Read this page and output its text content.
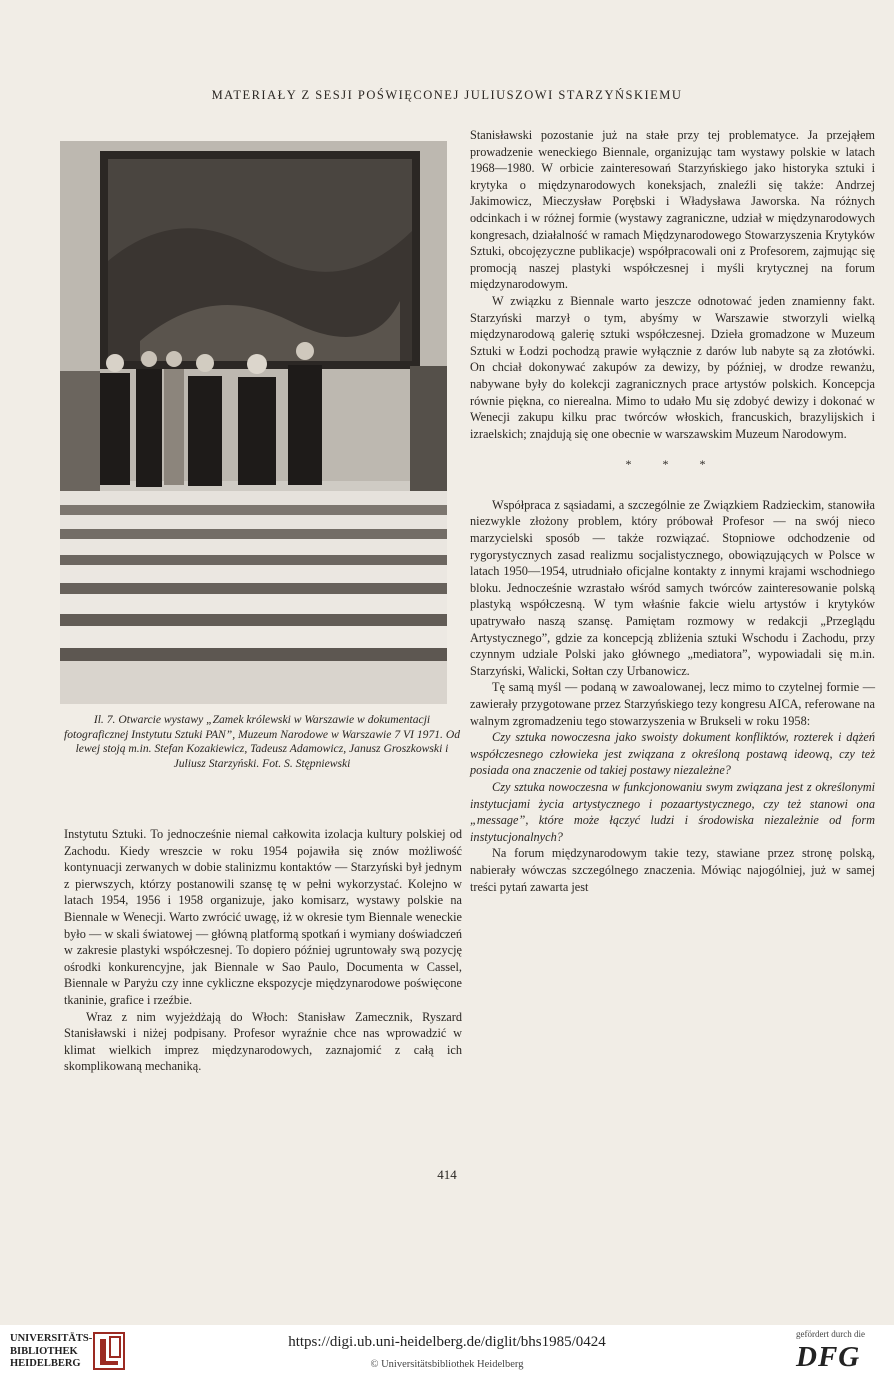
MATERIAŁY Z SESJI POŚWIĘCONEJ JULIUSZOWI STARZYŃSKIEMU
Il. 7. Otwarcie wystawy „Zamek królewski w Warszawie w dokumentacji fotograficznej Instytutu Sztuki PAN”, Muzeum Narodowe w Warszawie 7 VI 1971. Od lewej stoją m.in. Stefan Kozakiewicz, Tadeusz Adamowicz, Janusz Groszkowski i Juliusz Starzyński. Fot. S. Stępniewski

Stanisławski pozostanie już na stałe przy tej problematyce. Ja przejąłem prowadzenie weneckiego Biennale, organizując tam wystawy polskie w latach 1968—1980. W orbicie zainteresowań Starzyńskiego jako historyka sztuki i krytyka o międzynarodowych koneksjach, znaleźli się także: Andrzej Jakimowicz, Mieczysław Porębski i Władysława Jaworska. Na różnych odcinkach i w różnej formie (wystawy zagraniczne, udział w międzynarodowych kongresach, działalność w ramach Międzynarodowego Stowarzyszenia Krytyków Sztuki, obcojęzyczne publikacje) współpracowali oni z Profesorem, zajmując się promocją naszej plastyki współczesnej i myśli krytycznej na forum międzynarodowym.

W związku z Biennale warto jeszcze odnotować jeden znamienny fakt. Starzyński marzył o tym, abyśmy w Warszawie stworzyli wielką międzynarodową galerię sztuki współczesnej. Dzieła gromadzone w Muzeum Sztuki w Łodzi pochodzą prawie wyłącznie z darów lub nabyte są za złotówki. On chciał dokonywać zakupów za dewizy, by później, w drodze rewanżu, nabywane były do kolekcji zagranicznych prace artystów polskich. Koncepcja równie piękna, co nierealna. Mimo to udało Mu się zdobyć dewizy i dokonać w Wenecji zakupu kilku prac twórców włoskich, francuskich, brazylijskich i izraelskich; znajdują się one obecnie w warszawskim Muzeum Narodowym.

* * *

Współpraca z sąsiadami, a szczególnie ze Związkiem Radzieckim, stanowiła niezwykle złożony problem, który próbował Profesor — na swój nieco marzycielski sposób — także rozwiązać. Stopniowe odchodzenie od rygorystycznych zasad realizmu socjalistycznego, obowiązujących w Polsce w latach 1950—1954, utrudniało oficjalne kontakty z innymi krajami wschodniego bloku. Jednocześnie wzrastało wśród samych twórców zainteresowanie polską plastyką współczesną. W tym właśnie fakcie wielu artystów i krytyków upatrywało naszą szansę. Pamiętam rozmowy w redakcji „Przeglądu Artystycznego”, gdzie za koncepcją zbliżenia sztuki Wschodu i Zachodu, przy czynnym udziale Polski jako głównego „mediatora”, wypowiadali się m.in. Starzyński, Walicki, Sołtan czy Urbanowicz.

Tę samą myśl — podaną w zawoalowanej, lecz mimo to czytelnej formie — zawierały przygotowane przez Starzyńskiego tezy kongresu AICA, referowane na walnym zgromadzeniu tego stowarzyszenia w Brukseli w roku 1958:

Czy sztuka nowoczesna jako swoisty dokument konfliktów, rozterek i dążeń współczesnego człowieka jest związana z określoną postawą ideową, czy też posiada ona znaczenie od takiej postawy niezależne?

Czy sztuka nowoczesna w funkcjonowaniu swym związana jest z określonymi instytucjami życia artystycznego i pozaartystycznego, czy też stanowi ona „message”, które może łączyć ludzi i środowiska niezależnie od form instytucjonalnych?

Na forum międzynarodowym takie tezy, stawiane przez stronę polską, nabierały wówczas szczególnego znaczenia. Mówiąc najogólniej, już w samej treści pytań zawarta jest

Instytutu Sztuki. To jednocześnie niemal całkowita izolacja kultury polskiej od Zachodu. Kiedy wreszcie w roku 1954 pojawiła się znów możliwość kontynuacji zerwanych w dobie stalinizmu kontaktów — Starzyński był jednym z pierwszych, którzy postanowili szansę tę w pełni wykorzystać. Kolejno w latach 1954, 1956 i 1958 organizuje, jako komisarz, wystawy polskie na Biennale w Wenecji. Warto zwrócić uwagę, iż w okresie tym Biennale weneckie było — w skali światowej — główną platformą spotkań i wymiany doświadczeń w zakresie plastyki współczesnej. To dopiero później ugruntowały swą pozycję ośrodki konkurencyjne, jak Biennale w Sao Paulo, Documenta w Cassel, Biennale w Paryżu czy inne cykliczne ekspozycje międzynarodowe poświęcone tkaninie, grafice i rzeźbie.

Wraz z nim wyjeżdżają do Włoch: Stanisław Zamecznik, Ryszard Stanisławski i niżej podpisany. Profesor wyraźnie chce nas wprowadzić w klimat wielkich imprez międzynarodowych, zaznajomić z całą ich skomplikowaną mechaniką.

414
UNIVERSITÄTS-
BIBLIOTHEK
HEIDELBERG
https://digi.ub.uni-heidelberg.de/diglit/bhs1985/0424
© Universitätsbibliothek Heidelberg
gefördert durch die
DFG
